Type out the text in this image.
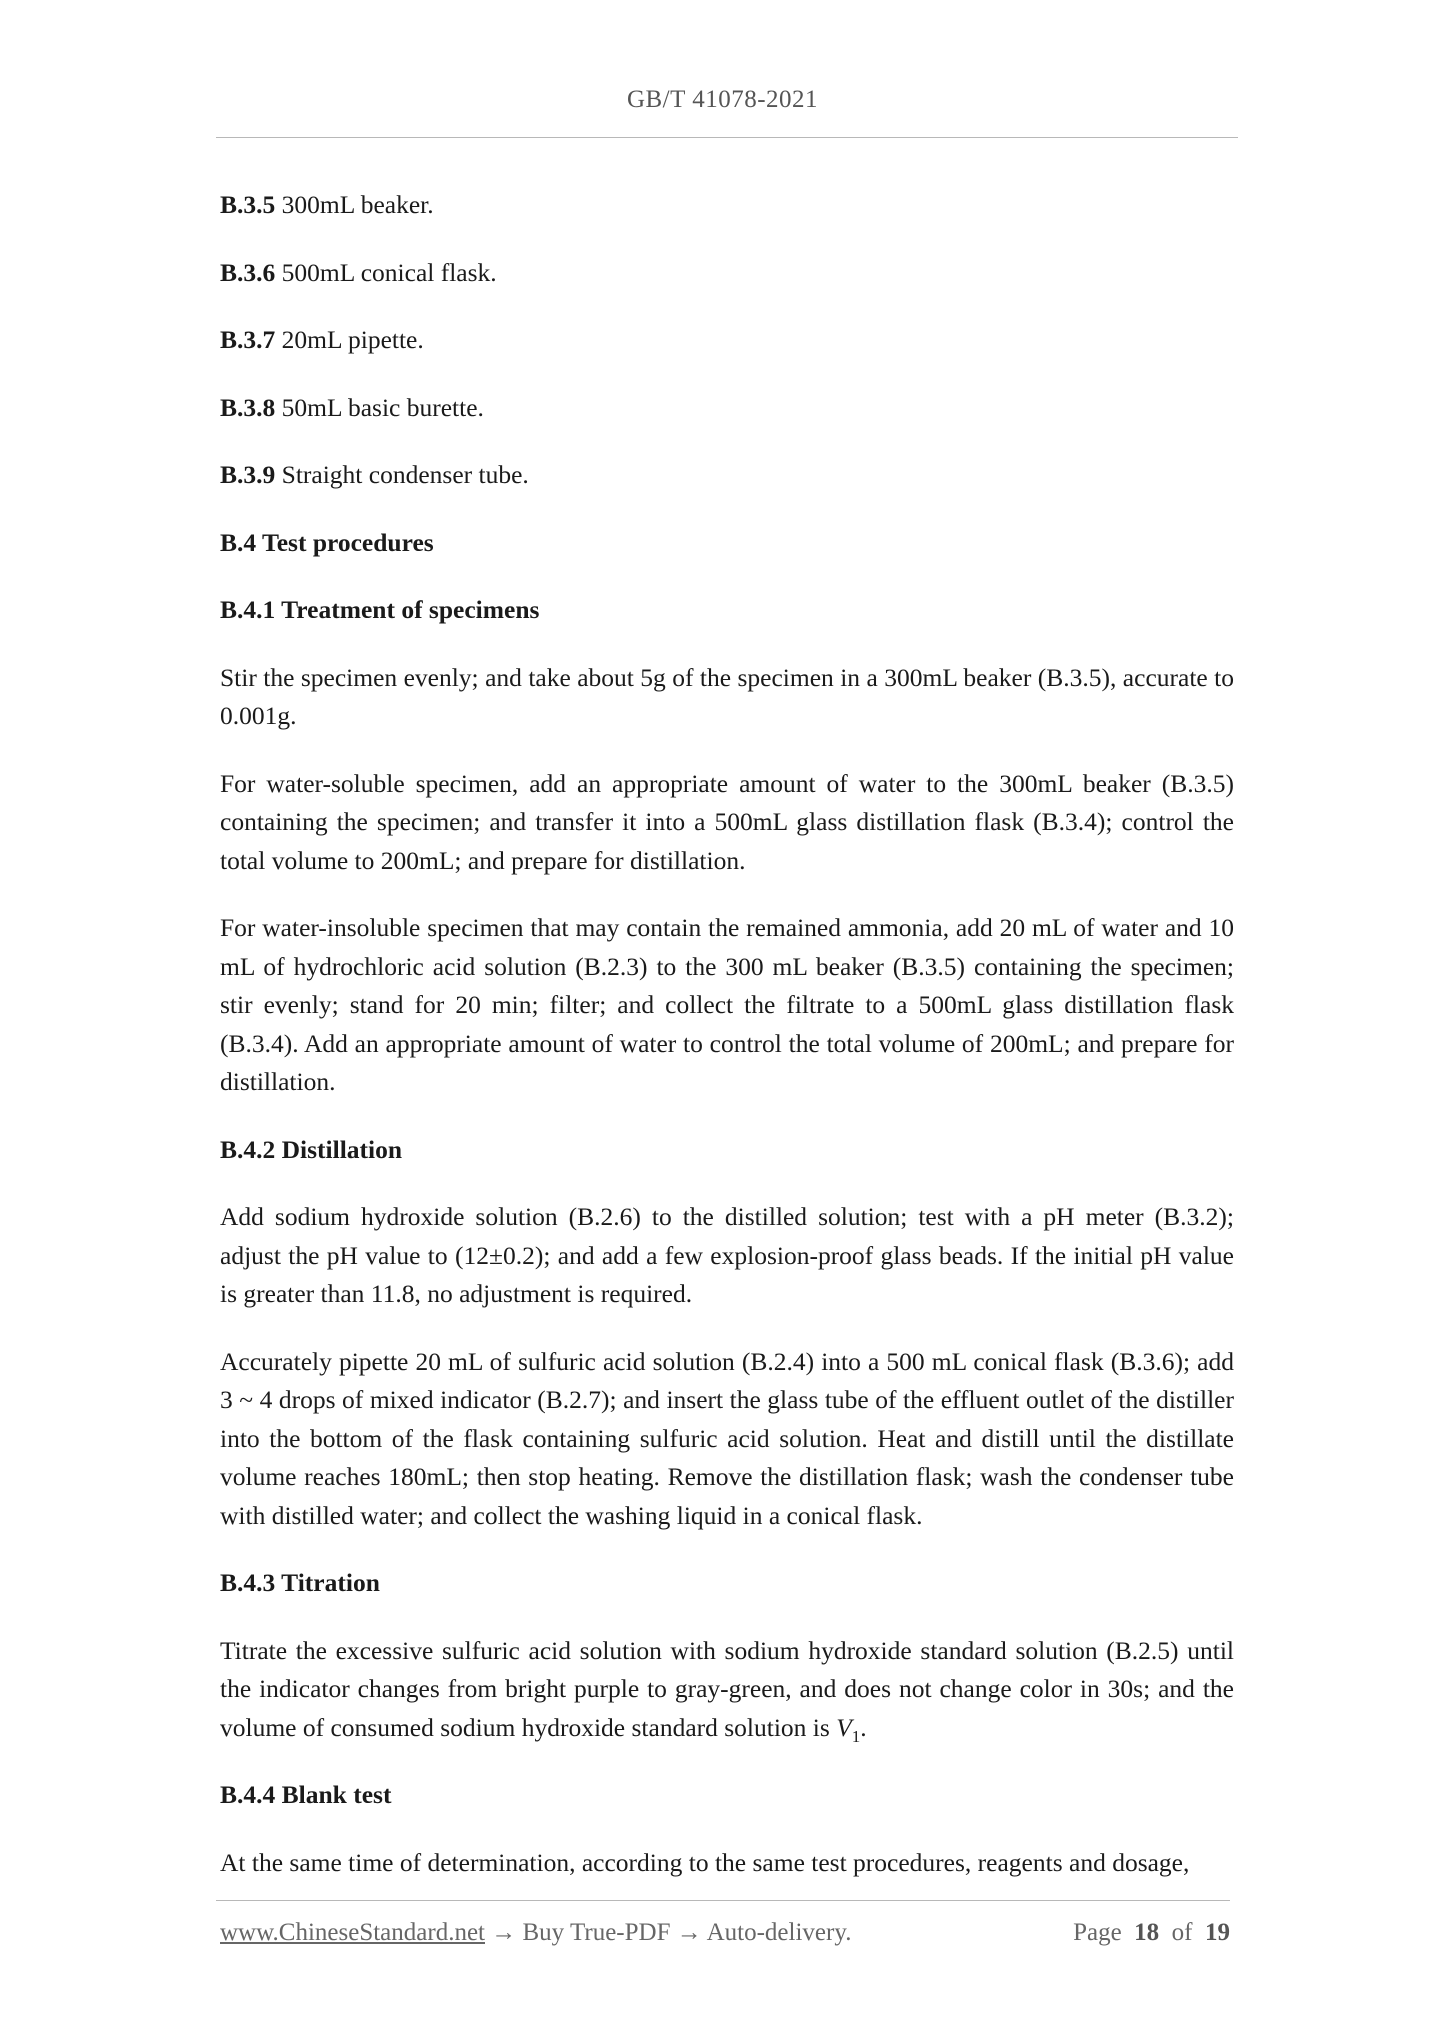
GB/T 41078-2021
B.3.5 300mL beaker.
B.3.6 500mL conical flask.
B.3.7 20mL pipette.
B.3.8 50mL basic burette.
B.3.9 Straight condenser tube.
B.4 Test procedures
B.4.1 Treatment of specimens
Stir the specimen evenly; and take about 5g of the specimen in a 300mL beaker (B.3.5), accurate to 0.001g.
For water-soluble specimen, add an appropriate amount of water to the 300mL beaker (B.3.5) containing the specimen; and transfer it into a 500mL glass distillation flask (B.3.4); control the total volume to 200mL; and prepare for distillation.
For water-insoluble specimen that may contain the remained ammonia, add 20 mL of water and 10 mL of hydrochloric acid solution (B.2.3) to the 300 mL beaker (B.3.5) containing the specimen; stir evenly; stand for 20 min; filter; and collect the filtrate to a 500mL glass distillation flask (B.3.4). Add an appropriate amount of water to control the total volume of 200mL; and prepare for distillation.
B.4.2 Distillation
Add sodium hydroxide solution (B.2.6) to the distilled solution; test with a pH meter (B.3.2); adjust the pH value to (12±0.2); and add a few explosion-proof glass beads. If the initial pH value is greater than 11.8, no adjustment is required.
Accurately pipette 20 mL of sulfuric acid solution (B.2.4) into a 500 mL conical flask (B.3.6); add 3 ~ 4 drops of mixed indicator (B.2.7); and insert the glass tube of the effluent outlet of the distiller into the bottom of the flask containing sulfuric acid solution. Heat and distill until the distillate volume reaches 180mL; then stop heating. Remove the distillation flask; wash the condenser tube with distilled water; and collect the washing liquid in a conical flask.
B.4.3 Titration
Titrate the excessive sulfuric acid solution with sodium hydroxide standard solution (B.2.5) until the indicator changes from bright purple to gray-green, and does not change color in 30s; and the volume of consumed sodium hydroxide standard solution is $V_1$.
B.4.4 Blank test
At the same time of determination, according to the same test procedures, reagents and dosage,
www.ChineseStandard.net → Buy True-PDF → Auto-delivery.	Page 18 of 19
